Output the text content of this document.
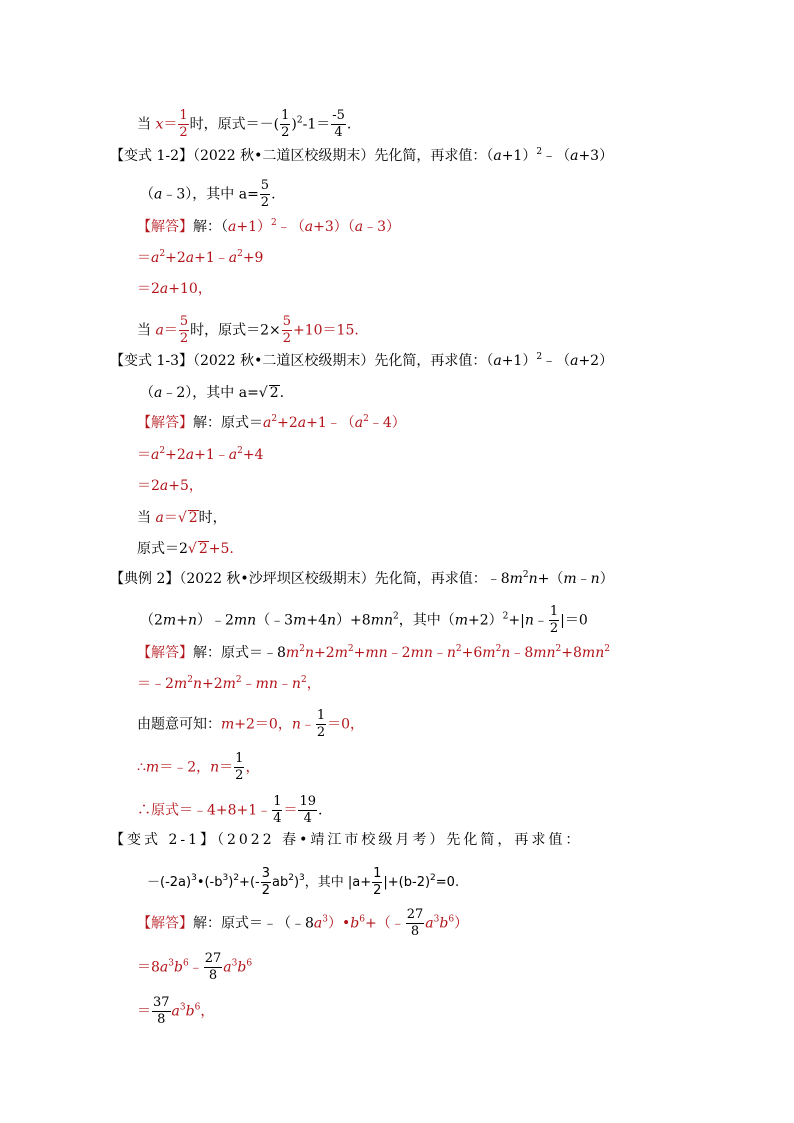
当 $x= \frac{1}{2}$ 时，原式＝－( $\frac{1}{2} )^2-1= \frac{-5}{4}$ .
【变式 1-2】（2022 秋•二道区校级期末）先化简，再求值：$(a+1)^2﹣(a+3)$
（a﹣3），其中 $a= \frac{5}{2}$ .
【解答】解：$(a+1)^2﹣(a+3)(a﹣3)$
$=a^2+2a+1﹣a^2+9$
＝2a+10，
当 $a= \frac{5}{2}$ 时，原式$=2\times \frac{5}{2} +10=15$.
【变式 1-3】（2022 秋•二道区校级期末）先化简，再求值：$(a+1)^2﹣(a+2)$
（a﹣2），其中 a=√ 2.
【解答】解：原式$=a^2+2a+1﹣(a^2﹣4)$
$=a^2+2a+1﹣a^2+4$
＝2a+5，
当 a＝√ 2时，
原式＝2√ 2+5.
【典例 2】（2022 秋•沙坪坝区校级期末）先化简，再求值：$﹣8m^2n+(m﹣n)$
$(2m+n)﹣2mn(﹣3m+4n)+8mn^2$，其中$(m+2)^2+|n﹣ \frac{1}{2} |=0$
【解答】解：原式$=﹣8m^2n+2m^2+mn﹣2mn﹣n^2+6m^2n﹣8mn^2+8mn^2$
$=﹣2m^2n+2m^2﹣mn﹣n^2$，
由题意可知：m+2＝0，n﹣ $\frac{1}{2} =0$，
∴m＝﹣2，$n= \frac{1}{2}$ ，
∴原式＝﹣4+8+1﹣ $\frac{1}{4} = \frac{19}{4}$ .
【变式 2-1】（2022 春•靖江市校级月考）先化简，再求值：
$-(-2a)^3•(-b^3)^2+(- \frac{3}{2} ab^2)^3$，其中 $|a+ \frac{1}{2} |+(b-2)^2=0$.
【解答】解：原式$=﹣(﹣8a^3)•b^6+(﹣ \frac{27}{8} a^3b^6)$
$=8a^3b^6﹣ \frac{27}{8} a^3b^6$
＝ $\frac{37}{8} a^3b^6$，
